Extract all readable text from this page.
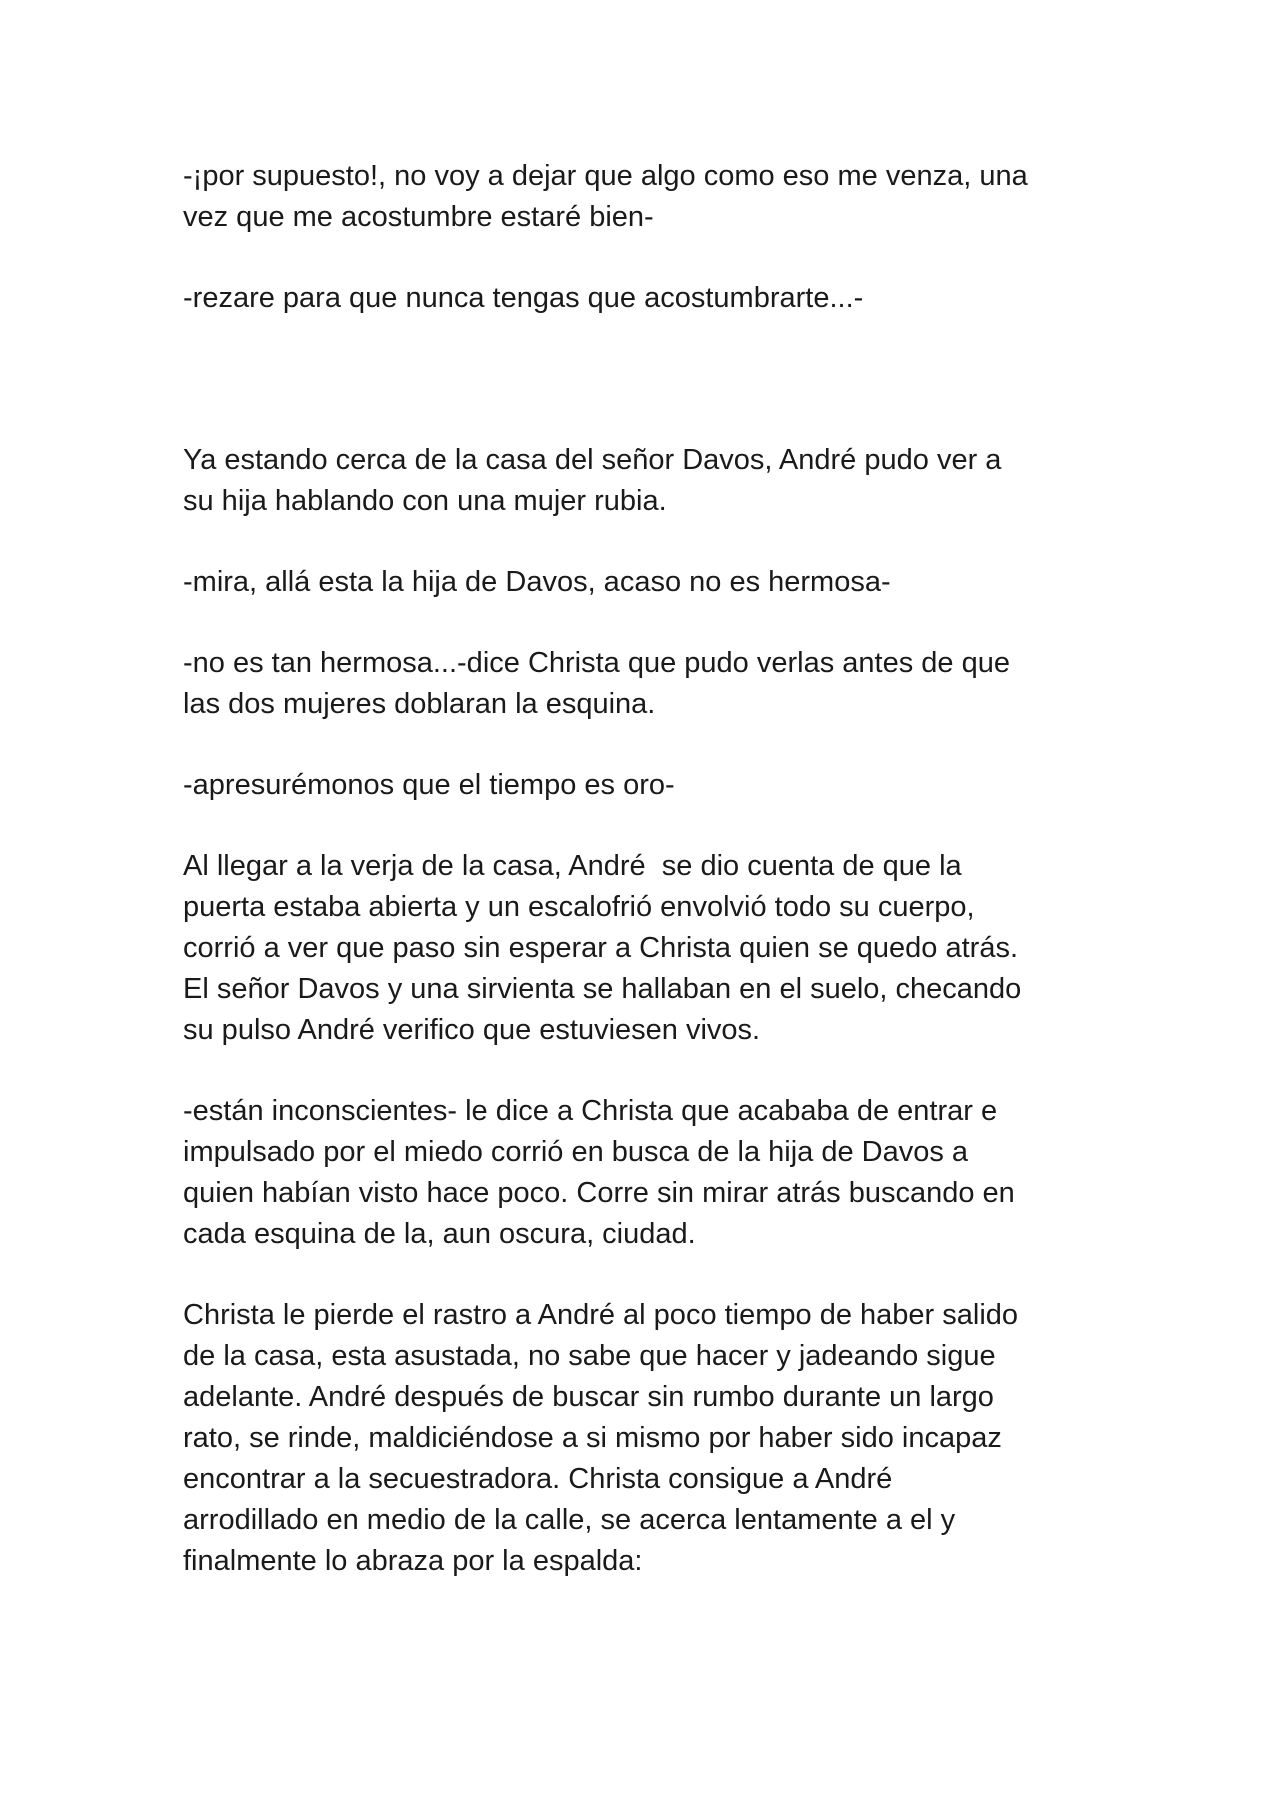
-¡por supuesto!, no voy a dejar que algo como eso me venza, una
vez que me acostumbre estaré bien-

-rezare para que nunca tengas que acostumbrarte...-

Ya estando cerca de la casa del señor Davos, André pudo ver a
su hija hablando con una mujer rubia.

-mira, allá esta la hija de Davos, acaso no es hermosa-

-no es tan hermosa...-dice Christa que pudo verlas antes de que
las dos mujeres doblaran la esquina.

-apresurémonos que el tiempo es oro-

Al llegar a la verja de la casa, André  se dio cuenta de que la
puerta estaba abierta y un escalofrió envolvió todo su cuerpo,
corrió a ver que paso sin esperar a Christa quien se quedo atrás.
El señor Davos y una sirvienta se hallaban en el suelo, checando
su pulso André verifico que estuviesen vivos.

-están inconscientes- le dice a Christa que acababa de entrar e
impulsado por el miedo corrió en busca de la hija de Davos a
quien habían visto hace poco. Corre sin mirar atrás buscando en
cada esquina de la, aun oscura, ciudad.

Christa le pierde el rastro a André al poco tiempo de haber salido
de la casa, esta asustada, no sabe que hacer y jadeando sigue
adelante. André después de buscar sin rumbo durante un largo
rato, se rinde, maldiciéndose a si mismo por haber sido incapaz
encontrar a la secuestradora. Christa consigue a André
arrodillado en medio de la calle, se acerca lentamente a el y
finalmente lo abraza por la espalda:
